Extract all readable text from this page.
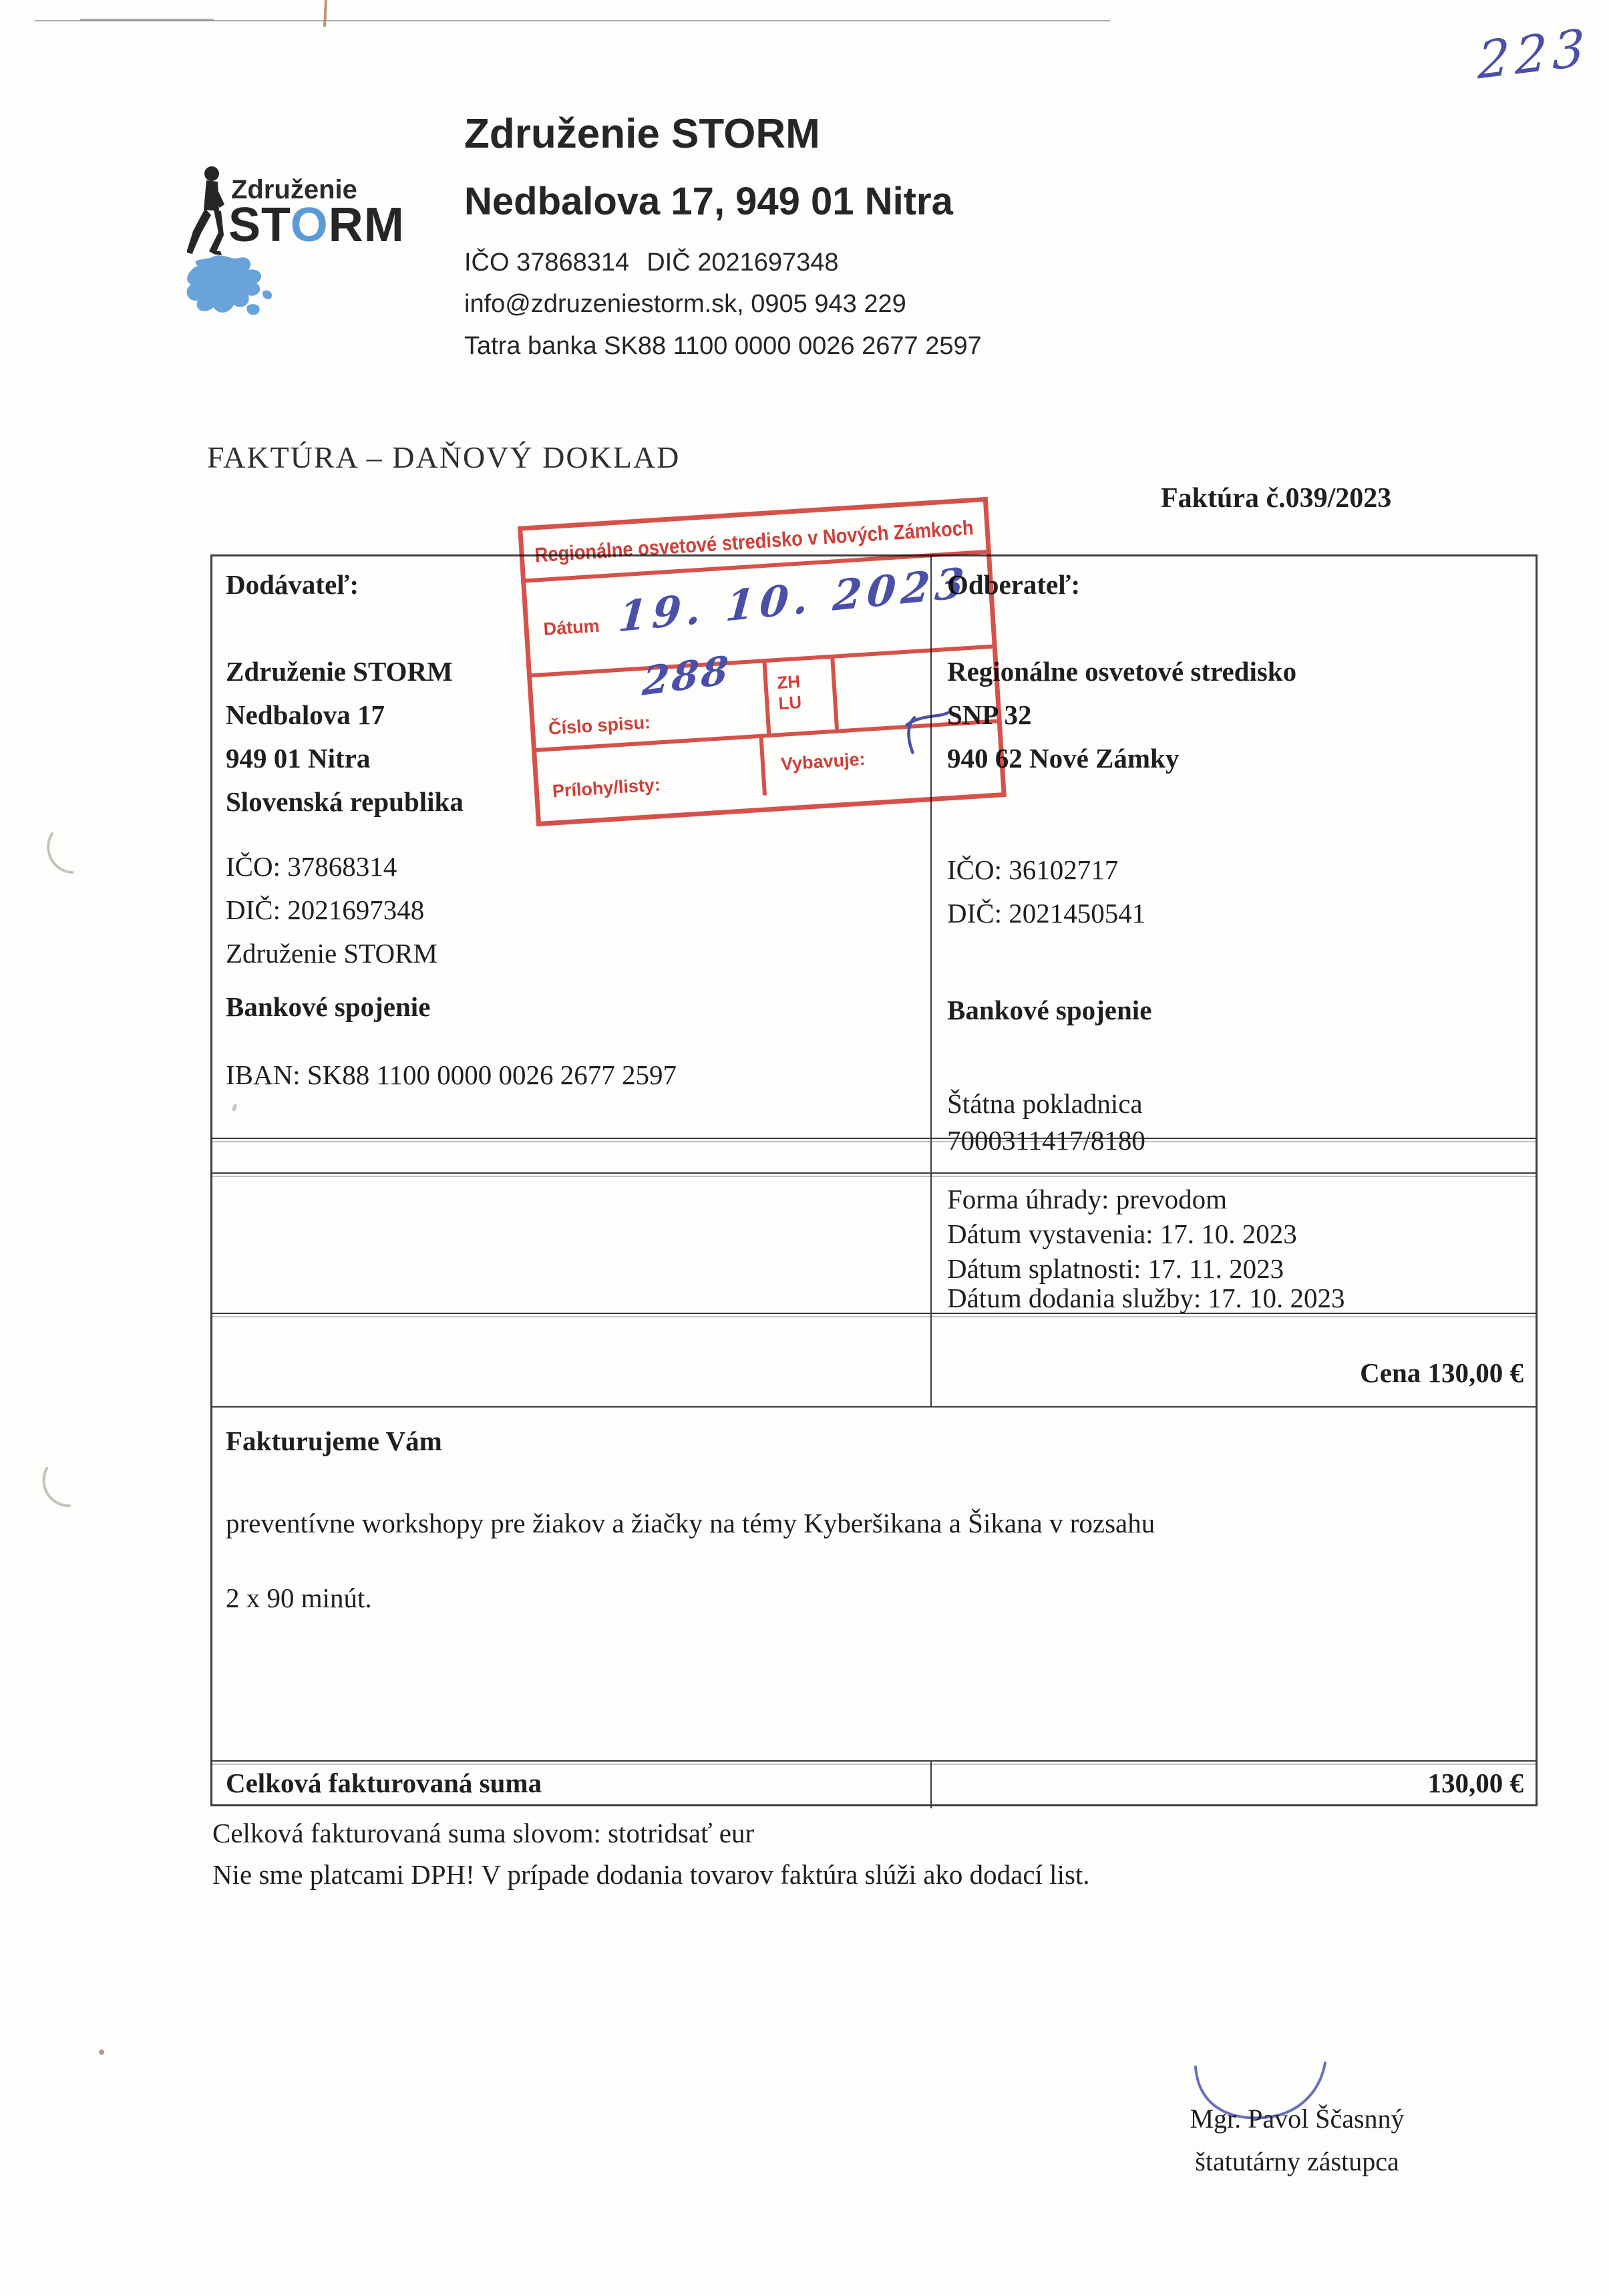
223
Združenie
STORM
Združenie STORM
Nedbalova 17, 949 01 Nitra
IČO 37868314 DIČ 2021697348
info@zdruzeniestorm.sk, 0905 943 229
Tatra banka SK88 1100 0000 0026 2677 2597
FAKTÚRA – DAŇOVÝ DOKLAD
Faktúra č.039/2023
Dodávateľ:
Združenie STORM
Nedbalova 17
949 01 Nitra
Slovenská republika
IČO: 37868314
DIČ: 2021697348
Združenie STORM
Bankové spojenie
IBAN: SK88 1100 0000 0026 2677 2597
Odberateľ:
Regionálne osvetové stredisko
SNP 32
940 62 Nové Zámky
IČO: 36102717
DIČ: 2021450541
Bankové spojenie
Štátna pokladnica
7000311417/8180
Forma úhrady: prevodom
Dátum vystavenia: 17. 10. 2023
Dátum splatnosti: 17. 11. 2023
Dátum dodania služby: 17. 10. 2023
Cena 130,00 €
Fakturujeme Vám
preventívne workshopy pre žiakov a žiačky na témy Kyberšikana a Šikana v rozsahu
2 x 90 minút.
Celková fakturovaná suma	130,00 €
Regionálne osvetové stredisko v Nových Zámkoch
Dátum 19. 10. 2023
Číslo spisu:
288	ZH
LU
Prílohy/listy:
Vybavuje:
Celková fakturovaná suma slovom: stotridsať eur
Nie sme platcami DPH! V prípade dodania tovarov faktúra slúži ako dodací list.
Mgr. Pavol Ščasnný
štatutárny zástupca
